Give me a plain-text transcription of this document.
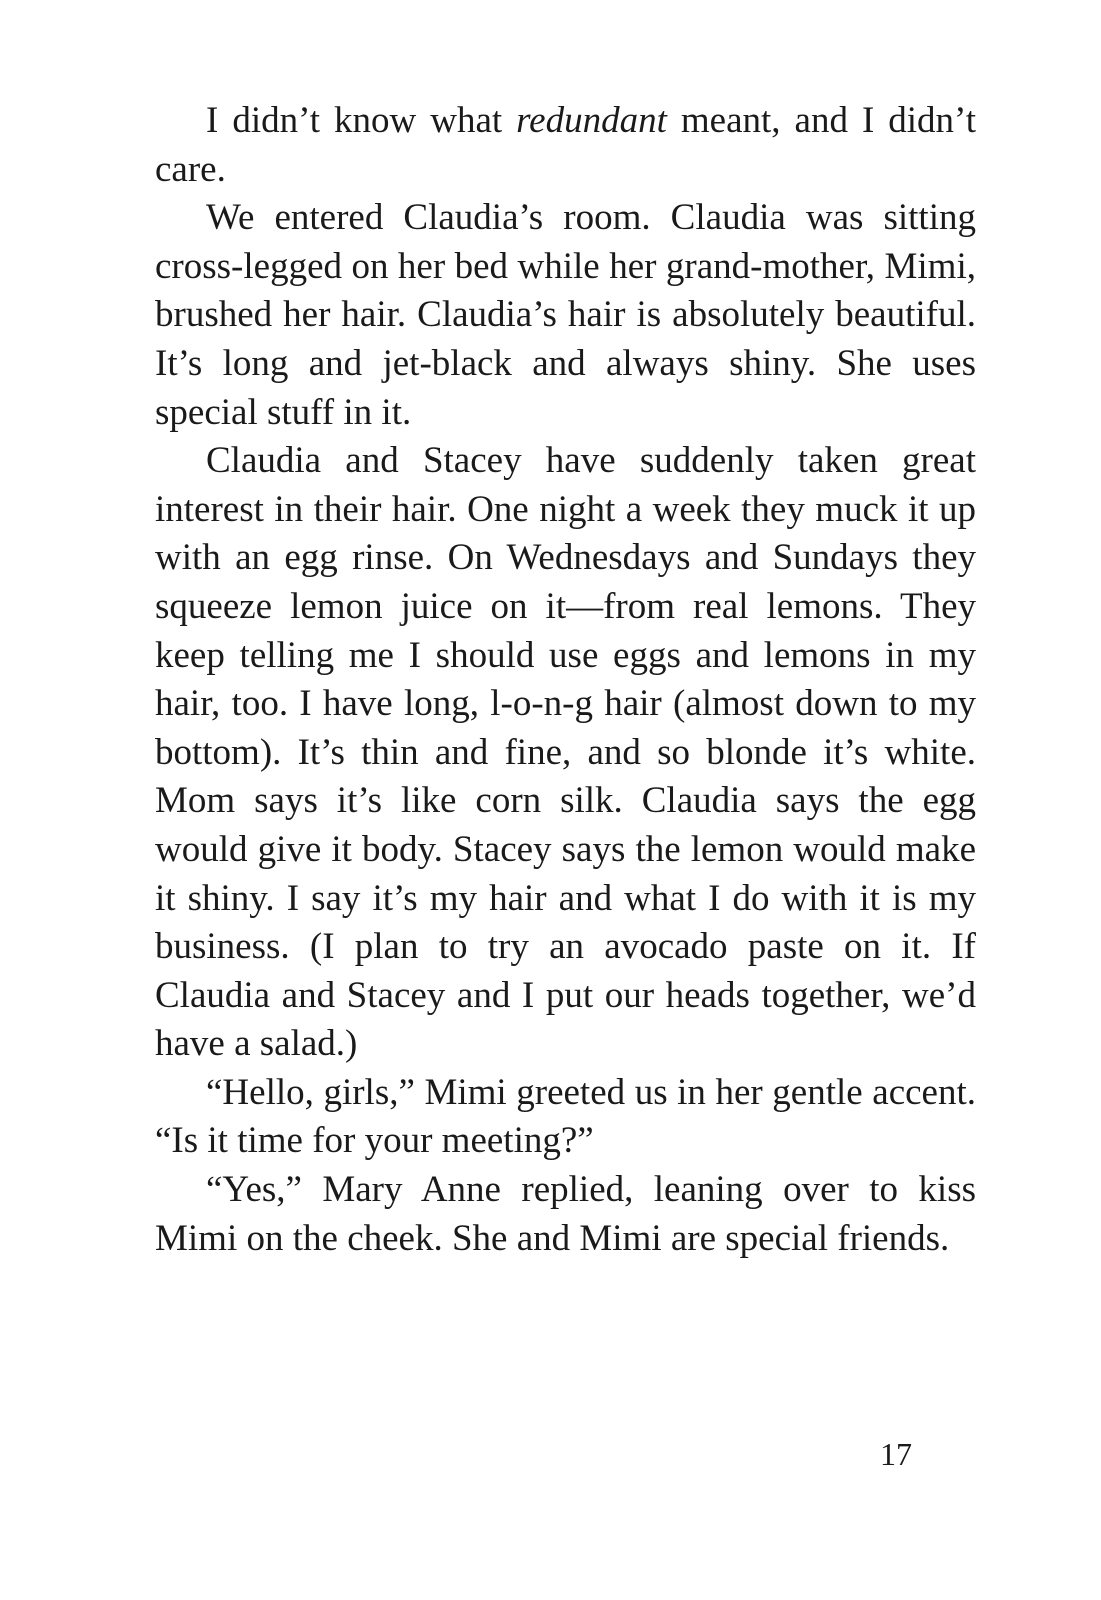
I didn’t know what redundant meant, and I didn’t care.

We entered Claudia’s room. Claudia was sitting cross-legged on her bed while her grand-mother, Mimi, brushed her hair. Claudia’s hair is absolutely beautiful. It’s long and jet-black and always shiny. She uses special stuff in it.

Claudia and Stacey have suddenly taken great interest in their hair. One night a week they muck it up with an egg rinse. On Wednesdays and Sundays they squeeze lemon juice on it—from real lemons. They keep telling me I should use eggs and lemons in my hair, too. I have long, l-o-n-g hair (almost down to my bottom). It’s thin and fine, and so blonde it’s white. Mom says it’s like corn silk. Claudia says the egg would give it body. Stacey says the lemon would make it shiny. I say it’s my hair and what I do with it is my business. (I plan to try an avocado paste on it. If Claudia and Stacey and I put our heads together, we’d have a salad.)

“Hello, girls,” Mimi greeted us in her gentle accent. “Is it time for your meeting?”

“Yes,” Mary Anne replied, leaning over to kiss Mimi on the cheek. She and Mimi are special friends.

17
